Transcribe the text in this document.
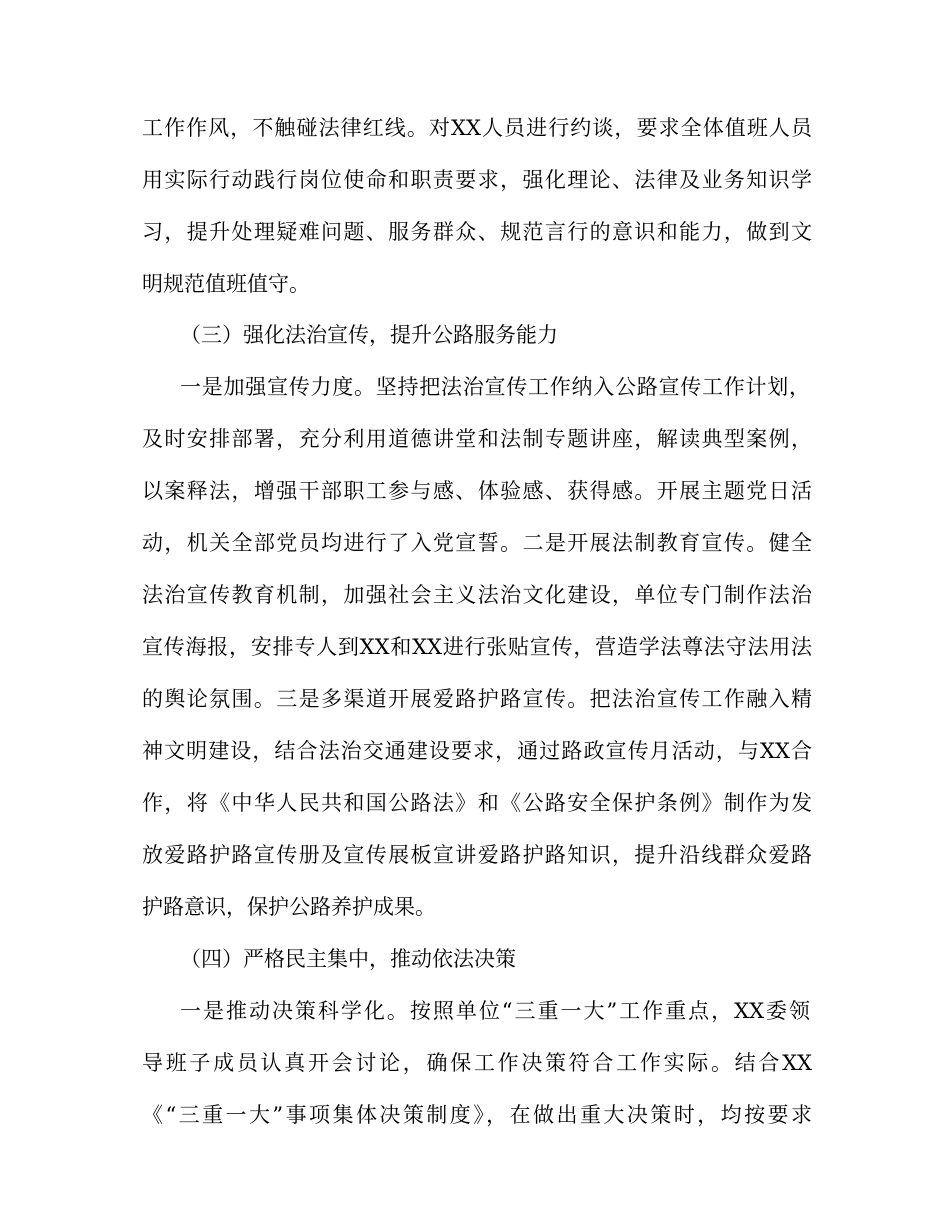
工作作风，不触碰法律红线。对XX人员进行约谈，要求全体值班人员
用实际行动践行岗位使命和职责要求，强化理论、法律及业务知识学
习，提升处理疑难问题、服务群众、规范言行的意识和能力，做到文
明规范值班值守。
（三）强化法治宣传，提升公路服务能力
一是加强宣传力度。坚持把法治宣传工作纳入公路宣传工作计划，
及时安排部署，充分利用道德讲堂和法制专题讲座，解读典型案例，
以案释法，增强干部职工参与感、体验感、获得感。开展主题党日活
动，机关全部党员均进行了入党宣誓。二是开展法制教育宣传。健全
法治宣传教育机制，加强社会主义法治文化建设，单位专门制作法治
宣传海报，安排专人到XX和XX进行张贴宣传，营造学法尊法守法用法
的舆论氛围。三是多渠道开展爱路护路宣传。把法治宣传工作融入精
神文明建设，结合法治交通建设要求，通过路政宣传月活动，与XX合
作，将《中华人民共和国公路法》和《公路安全保护条例》制作为发
放爱路护路宣传册及宣传展板宣讲爱路护路知识，提升沿线群众爱路
护路意识，保护公路养护成果。
（四）严格民主集中，推动依法决策
一是推动决策科学化。按照单位“三重一大”工作重点，XX委领
导班子成员认真开会讨论，确保工作决策符合工作实际。结合XX
《“三重一大”事项集体决策制度》，在做出重大决策时，均按要求
